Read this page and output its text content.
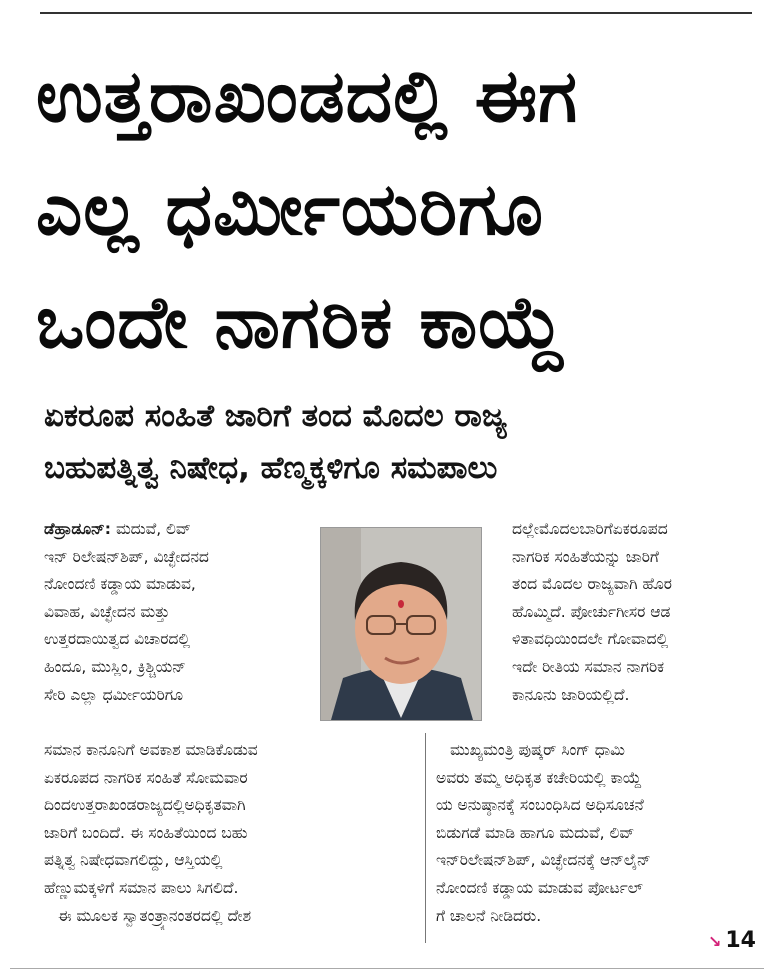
ಉತ್ತರಾಖಂಡದಲ್ಲಿ ಈಗ
ಎಲ್ಲ ಧರ್ಮೀಯರಿಗೂ
ಒಂದೇ ನಾಗರಿಕ ಕಾಯ್ದೆ
ಏಕರೂಪ ಸಂಹಿತೆ ಜಾರಿಗೆ ತಂದ ಮೊದಲ ರಾಜ್ಯ
ಬಹುಪತ್ನಿತ್ವ ನಿಷೇಧ, ಹೆಣ್ಮಕ್ಕಳಿಗೂ ಸಮಪಾಲು
ಡೆಹ್ರಾಡೂನ್: ಮದುವೆ, ಲಿವ್
ಇನ್ ರಿಲೇಷನ್‌ಶಿಪ್, ವಿಚ್ಛೇದನದ
ನೋಂದಣಿ ಕಡ್ಡಾಯ ಮಾಡುವ,
ವಿವಾಹ, ವಿಚ್ಛೇದನ ಮತ್ತು
ಉತ್ತರದಾಯಿತ್ವದ ವಿಚಾರದಲ್ಲಿ
ಹಿಂದೂ, ಮುಸ್ಲಿಂ, ಕ್ರಿಶ್ಚಿಯನ್
ಸೇರಿ ಎಲ್ಲಾ ಧರ್ಮೀಯರಿಗೂ
ದಲ್ಲೇಮೊದಲಬಾರಿಗೆಏಕರೂಪದ
ನಾಗರಿಕ ಸಂಹಿತೆಯನ್ನು ಜಾರಿಗೆ
ತಂದ ಮೊದಲ ರಾಜ್ಯವಾಗಿ ಹೊರ
ಹೊಮ್ಮಿದೆ. ಪೋರ್ಚುಗೀಸರ ಆಡ
ಳಿತಾವಧಿಯಿಂದಲೇ ಗೋವಾದಲ್ಲಿ
ಇದೇ ರೀತಿಯ ಸಮಾನ ನಾಗರಿಕ
ಕಾನೂನು ಜಾರಿಯಲ್ಲಿದೆ.
ಸಮಾನ ಕಾನೂನಿಗೆ ಅವಕಾಶ ಮಾಡಿಕೊಡುವ
ಏಕರೂಪದ ನಾಗರಿಕ ಸಂಹಿತೆ ಸೋಮವಾರ
ದಿಂದಉತ್ತರಾಖಂಡರಾಜ್ಯದಲ್ಲಿಅಧಿಕೃತವಾಗಿ
ಜಾರಿಗೆ ಬಂದಿದೆ. ಈ ಸಂಹಿತೆಯಿಂದ ಬಹು
ಪತ್ನಿತ್ವ ನಿಷೇಧವಾಗಲಿದ್ದು, ಆಸ್ತಿಯಲ್ಲಿ
ಹೆಣ್ಣುಮಕ್ಕಳಿಗೆ ಸಮಾನ ಪಾಲು ಸಿಗಲಿದೆ.
ಈ ಮೂಲಕ ಸ್ವಾತಂತ್ರ್ಯಾನಂತರದಲ್ಲಿ ದೇಶ
ಮುಖ್ಯಮಂತ್ರಿ ಪುಷ್ಕರ್ ಸಿಂಗ್ ಧಾಮಿ
ಅವರು ತಮ್ಮ ಅಧಿಕೃತ ಕಚೇರಿಯಲ್ಲಿ ಕಾಯ್ದೆ
ಯ ಅನುಷ್ಠಾನಕ್ಕೆ ಸಂಬಂಧಿಸಿದ ಅಧಿಸೂಚನೆ
ಬಿಡುಗಡೆ ಮಾಡಿ ಹಾಗೂ ಮದುವೆ, ಲಿವ್
ಇನ್‌ರಿಲೇಷನ್‌ಶಿಪ್, ವಿಚ್ಛೇದನಕ್ಕೆ ಆನ್‌ಲೈನ್
ನೋಂದಣಿ ಕಡ್ಡಾಯ ಮಾಡುವ ಪೋರ್ಟಲ್
ಗೆ ಚಾಲನೆ ನೀಡಿದರು.
↘ 14
